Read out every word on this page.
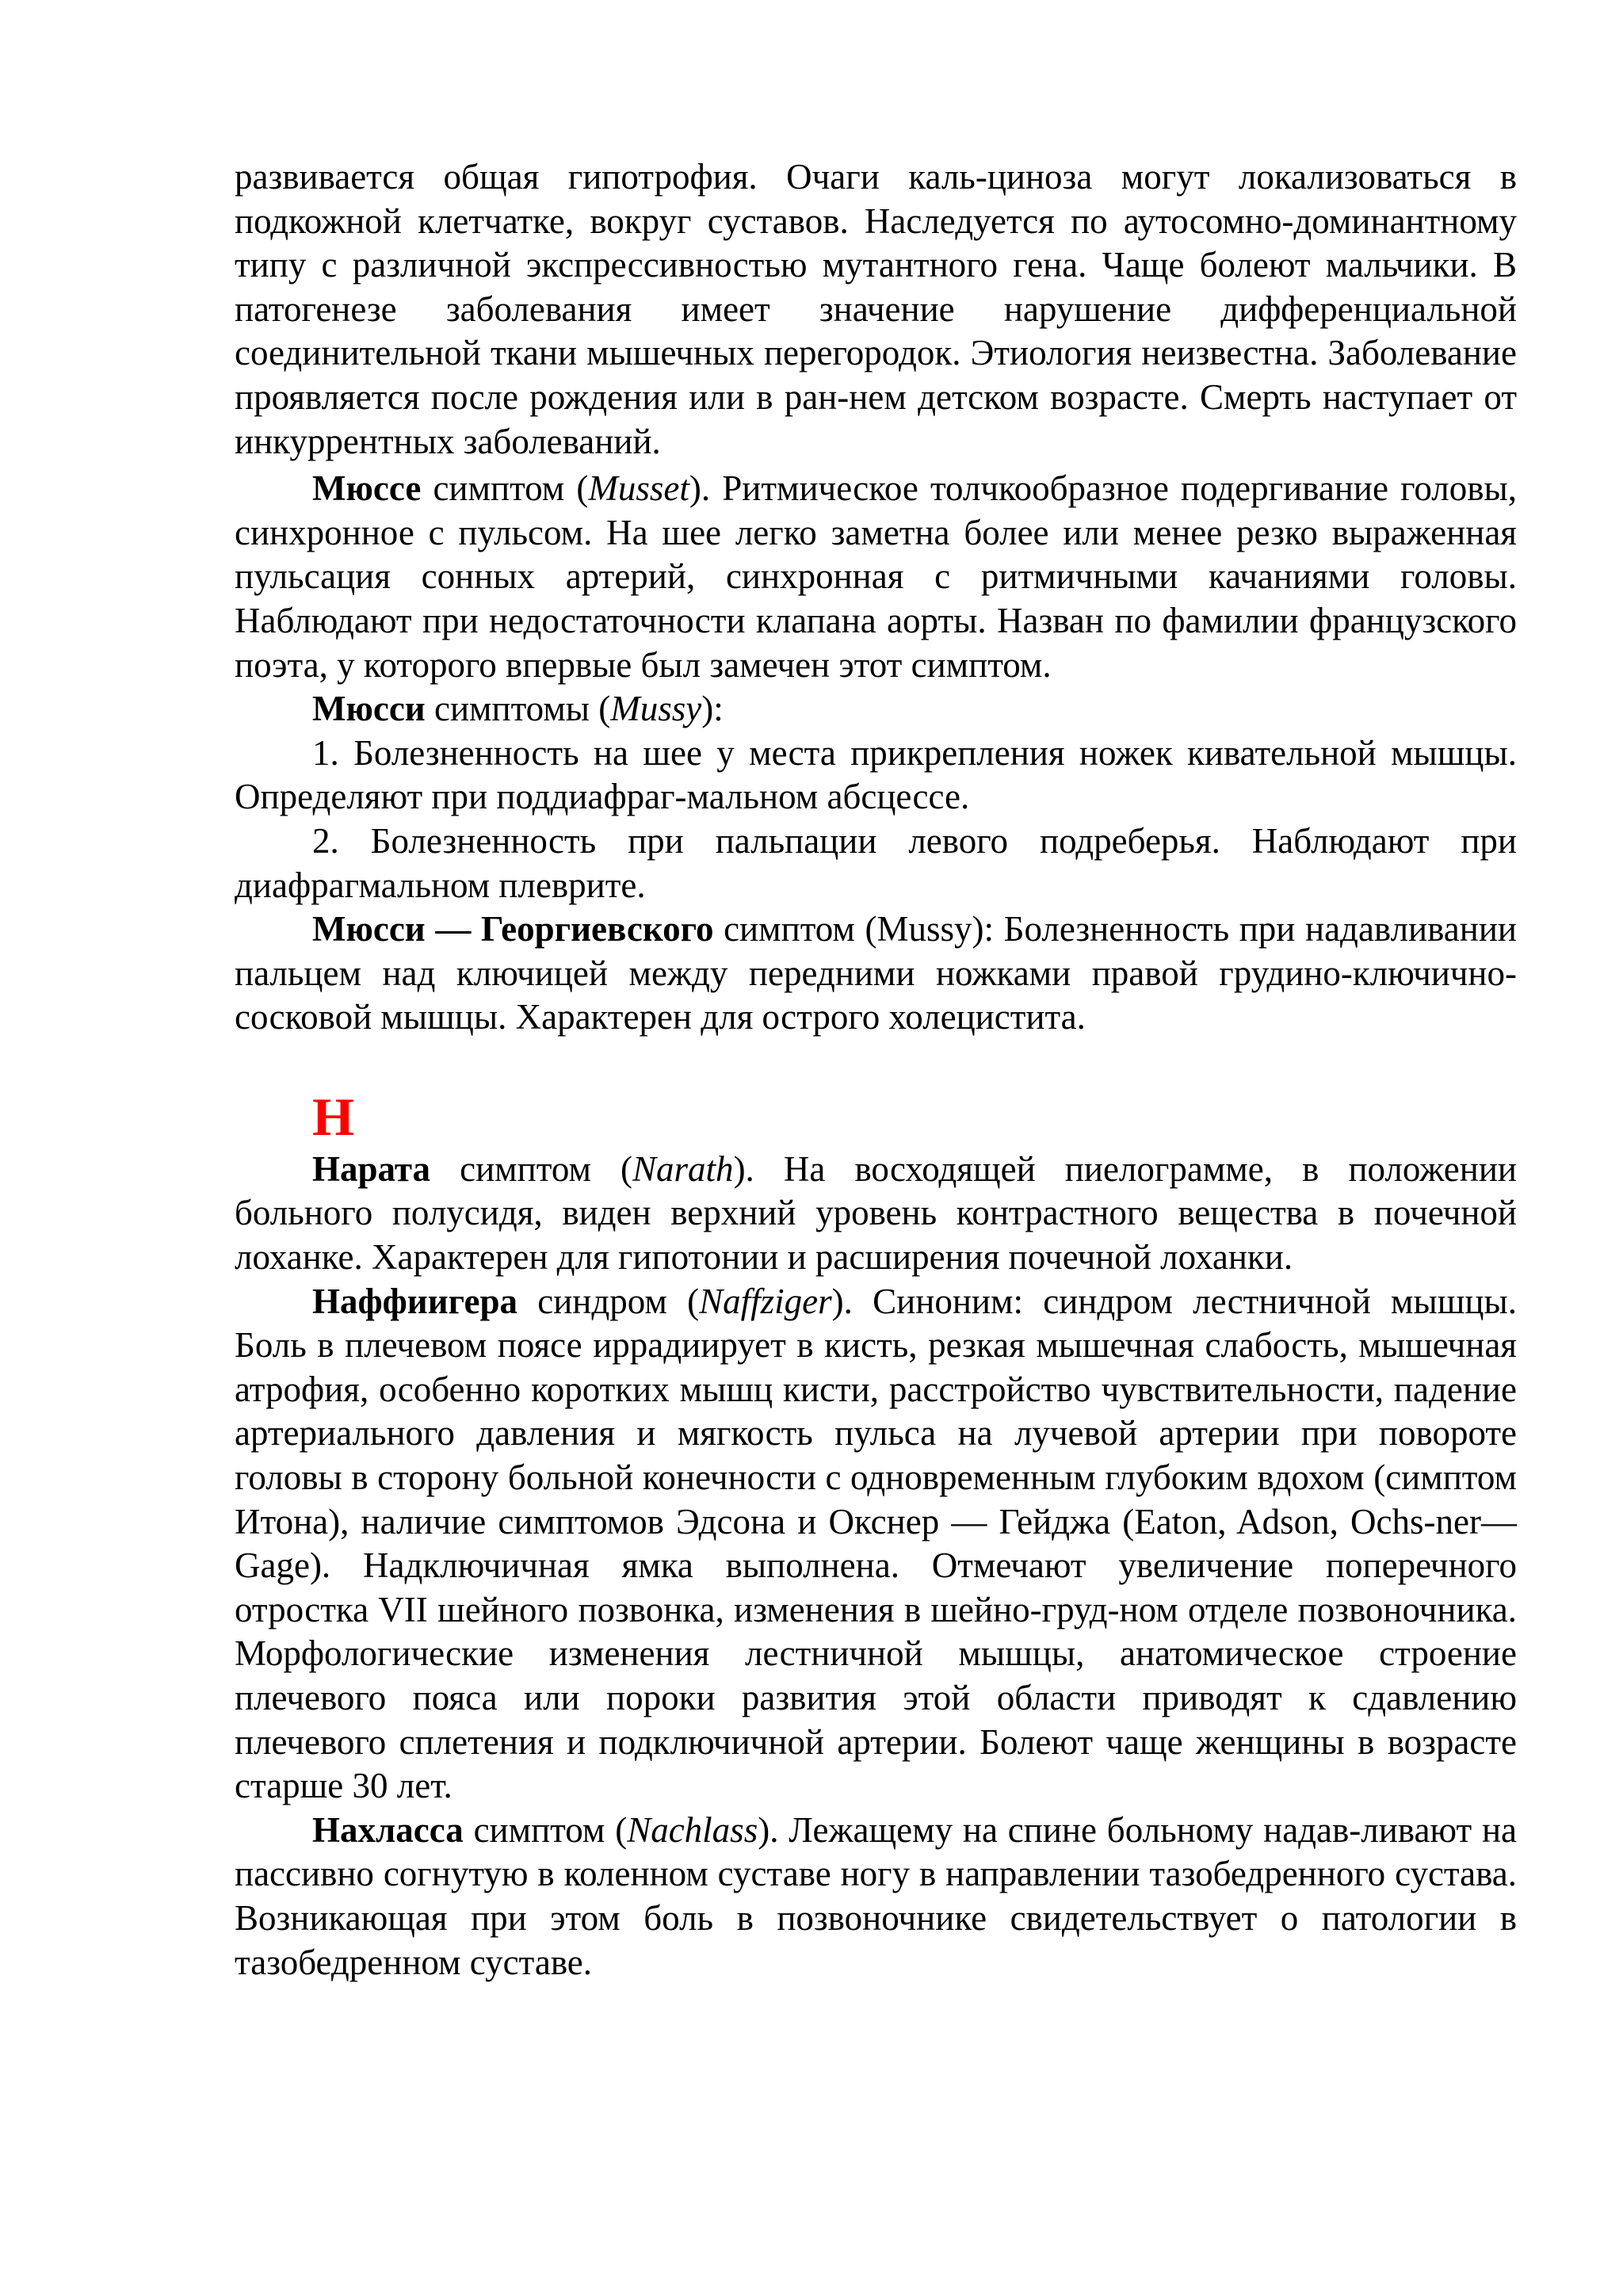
развивается общая гипотрофия. Очаги каль-циноза могут локализоваться в подкожной клетчатке, вокруг суставов. Наследуется по аутосомно-доминантному типу с различной экспрессивностью мутантного гена. Чаще болеют мальчики. В патогенезе заболевания имеет значение нарушение дифференциальной соединительной ткани мышечных перегородок. Этиология неизвестна. Заболевание проявляется после рождения или в ран-нем детском возрасте. Смерть наступает от инкуррентных заболеваний.

Мюссе симптом (Musset). Ритмическое толчкообразное подергивание головы, синхронное с пульсом. На шее легко заметна более или менее резко выраженная пульсация сонных артерий, синхронная с ритмичными качаниями головы. Наблюдают при недостаточности клапана аорты. Назван по фамилии французского поэта, у которого впервые был замечен этот симптом.

Мюсси симптомы (Mussy):

1. Болезненность на шее у места прикрепления ножек кивательной мышцы. Определяют при поддиафраг-мальном абсцессе.

2. Болезненность при пальпации левого подреберья. Наблюдают при диафрагмальном плеврите.

Мюсси — Георгиевского симптом (Mussy): Болезненность при надавливании пальцем над ключицей между передними ножками правой грудино-ключично-сосковой мышцы. Характерен для острого холецистита.

Н

Нарата симптом (Narath). На восходящей пиелограмме, в положении больного полусидя, виден верхний уровень контрастного вещества в почечной лоханке. Характерен для гипотонии и расширения почечной лоханки.

Наффиигера синдром (Naffziger). Синоним: синдром лестничной мышцы. Боль в плечевом поясе иррадиирует в кисть, резкая мышечная слабость, мышечная атрофия, особенно коротких мышц кисти, расстройство чувствительности, падение артериального давления и мягкость пульса на лучевой артерии при повороте головы в сторону больной конечности с одновременным глубоким вдохом (симптом Итона), наличие симптомов Эдсона и Окснер — Гейджа (Eaton, Adson, Ochs-ner—Gage). Надключичная ямка выполнена. Отмечают увеличение поперечного отростка VII шейного позвонка, изменения в шейно-груд-ном отделе позвоночника. Морфологические изменения лестничной мышцы, анатомическое строение плечевого пояса или пороки развития этой области приводят к сдавлению плечевого сплетения и подключичной артерии. Болеют чаще женщины в возрасте старше 30 лет.

Нахласса симптом (Nachlass). Лежащему на спине больному надав-ливают на пассивно согнутую в коленном суставе ногу в направлении тазобедренного сустава. Возникающая при этом боль в позвоночнике свидетельствует о патологии в тазобедренном суставе.
